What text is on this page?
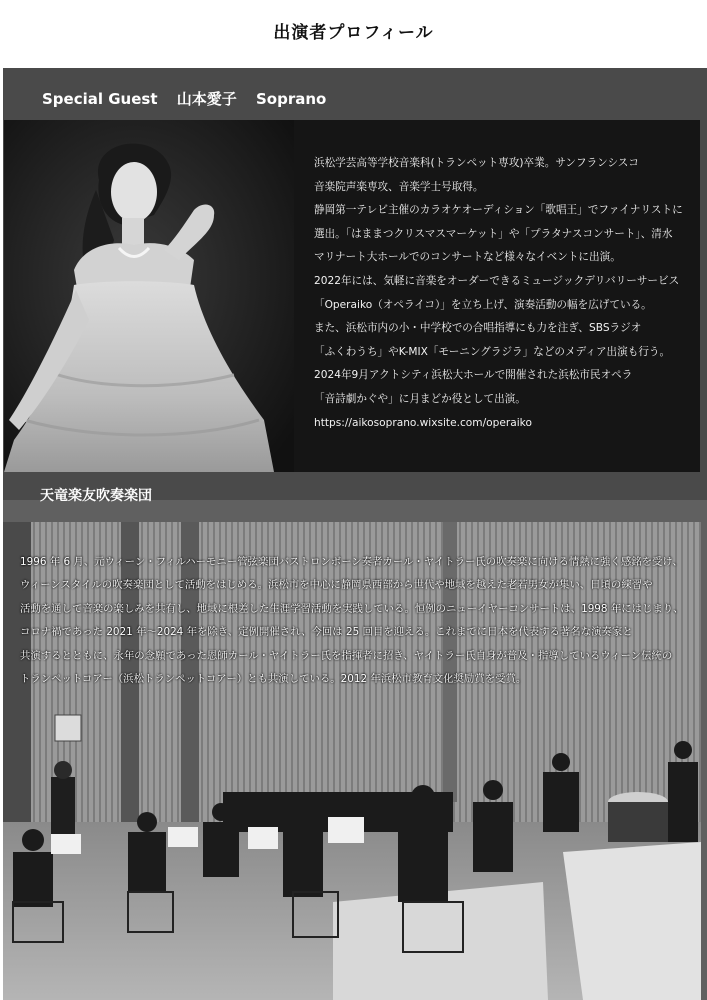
出演者プロフィール
Special Guest 山本愛子 Soprano
浜松学芸高等学校音楽科(トランペット専攻)卒業。サンフランシスコ
音楽院声楽専攻、音楽学士号取得。
静岡第一テレビ主催のカラオケオーディション「歌唱王」でファイナリストに
選出。「はままつクリスマスマーケット」や「プラタナスコンサート」、清水
マリナート大ホールでのコンサートなど様々なイベントに出演。
2022年には、気軽に音楽をオーダーできるミュージックデリバリーサービス
「Operaiko（オペライコ）」を立ち上げ、演奏活動の幅を広げている。
また、浜松市内の小・中学校での合唱指導にも力を注ぎ、SBSラジオ
「ふくわうち」やK-MIX「モーニングラジラ」などのメディア出演も行う。
2024年9月アクトシティ浜松大ホールで開催された浜松市民オペラ
「音詩劇かぐや」に月まどか役として出演。
https://aikosoprano.wixsite.com/operaiko
天竜楽友吹奏楽団
1996 年 6 月、元ウィーン・フィルハーモニー管弦楽団バストロンボーン奏者カール・ヤイトラー氏の吹奏楽に向ける情熱に強く感銘を受け、
ウィーンスタイルの吹奏楽団として活動をはじめる。浜松市を中心に静岡県西部から世代や地域を越えた老若男女が集い、日頃の練習や
活動を通して音楽の楽しみを共有し、地域に根差した生涯学習活動を実践している。恒例のニューイヤーコンサートは、1998 年にはじまり、
コロナ禍であった 2021 年～2024 年を除き、定例開催され、今回は 25 回目を迎える。これまでに日本を代表する著名な演奏家と
共演するとともに、永年の念願であった恩師カール・ヤイトラー氏を指揮者に招き、ヤイトラー氏自身が普及・指導しているウィーン伝統の
トランペットコアー（浜松トランペットコアー）とも共演している。2012 年浜松市教育文化奨励賞を受賞。
